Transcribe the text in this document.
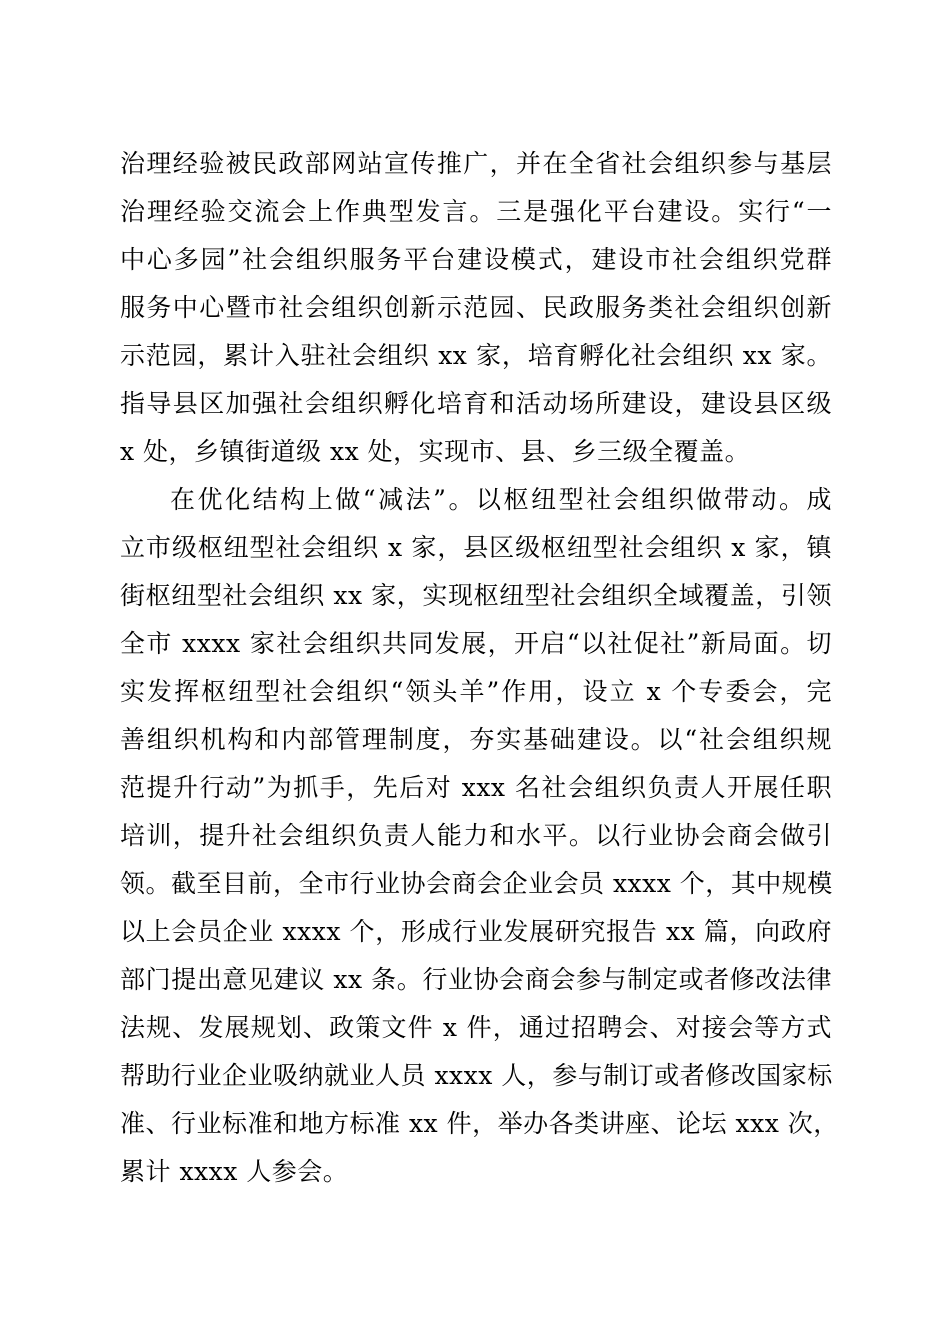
治理经验被民政部网站宣传推广，并在全省社会组织参与基层
治理经验交流会上作典型发言。三是强化平台建设。实行“一
中心多园”社会组织服务平台建设模式，建设市社会组织党群
服务中心暨市社会组织创新示范园、民政服务类社会组织创新
示范园，累计入驻社会组织 xx 家，培育孵化社会组织 xx 家。
指导县区加强社会组织孵化培育和活动场所建设，建设县区级
x 处，乡镇街道级 xx 处，实现市、县、乡三级全覆盖。
在优化结构上做“减法”。以枢纽型社会组织做带动。成
立市级枢纽型社会组织 x 家，县区级枢纽型社会组织 x 家，镇
街枢纽型社会组织 xx 家，实现枢纽型社会组织全域覆盖，引领
全市 xxxx 家社会组织共同发展，开启“以社促社”新局面。切
实发挥枢纽型社会组织“领头羊”作用，设立 x 个专委会，完
善组织机构和内部管理制度，夯实基础建设。以“社会组织规
范提升行动”为抓手，先后对 xxx 名社会组织负责人开展任职
培训，提升社会组织负责人能力和水平。以行业协会商会做引
领。截至目前，全市行业协会商会企业会员 xxxx 个，其中规模
以上会员企业 xxxx 个，形成行业发展研究报告 xx 篇，向政府
部门提出意见建议 xx 条。行业协会商会参与制定或者修改法律
法规、发展规划、政策文件 x 件，通过招聘会、对接会等方式
帮助行业企业吸纳就业人员 xxxx 人，参与制订或者修改国家标
准、行业标准和地方标准 xx 件，举办各类讲座、论坛 xxx 次，
累计 xxxx 人参会。
